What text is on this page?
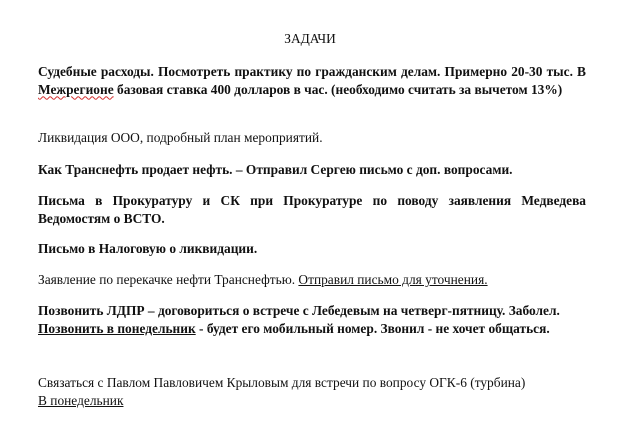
ЗАДАЧИ
Судебные расходы. Посмотреть практику по гражданским делам. Примерно 20-30 тыс. В Межрегионе базовая ставка 400 долларов в час. (необходимо считать за вычетом 13%)
Ликвидация ООО, подробный план мероприятий.
Как Транснефть продает нефть. – Отправил Сергею письмо с доп. вопросами.
Письма в Прокуратуру и СК при Прокуратуре по поводу заявления Медведева Ведомостям о ВСТО.
Письмо в Налоговую о ликвидации.
Заявление по перекачке нефти Транснефтью. Отправил письмо для уточнения.
Позвонить ЛДПР – договориться о встрече с Лебедевым на четверг-пятницу. Заболел.
Позвонить в понедельник - будет его мобильный номер. Звонил - не хочет общаться.
Связаться с Павлом Павловичем Крыловым для встречи по вопросу ОГК-6 (турбина)
В понедельник
